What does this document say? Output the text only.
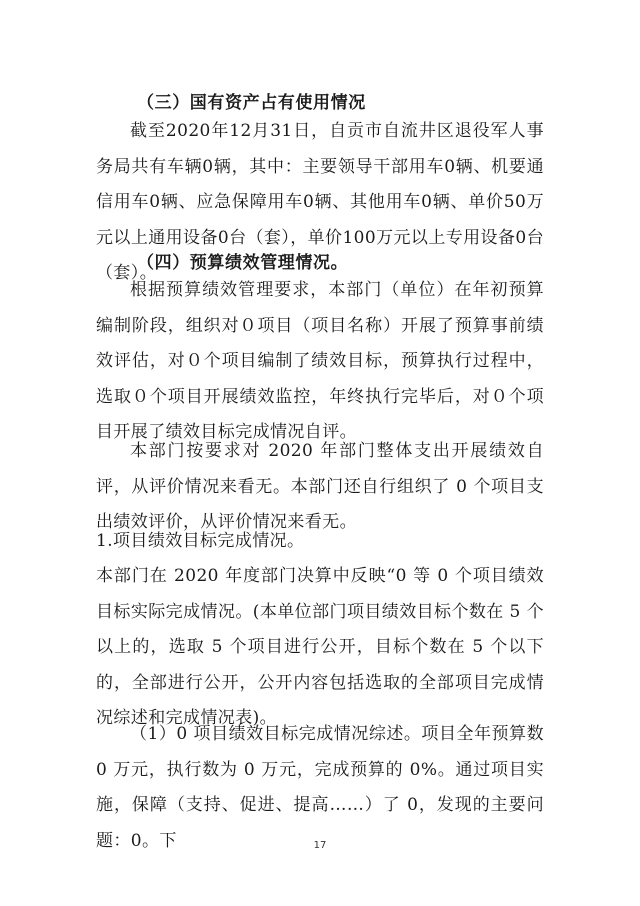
（三）国有资产占有使用情况

截至2020年12月31日，自贡市自流井区退役军人事务局共有车辆0辆，其中：主要领导干部用车0辆、机要通信用车0辆、应急保障用车0辆、其他用车0辆、单价50万元以上通用设备0台（套），单价100万元以上专用设备0台（套）。

（四）预算绩效管理情况。

根据预算绩效管理要求，本部门（单位）在年初预算编制阶段，组织对０项目（项目名称）开展了预算事前绩效评估，对０个项目编制了绩效目标，预算执行过程中，选取０个项目开展绩效监控，年终执行完毕后，对０个项目开展了绩效目标完成情况自评。

本部门按要求对 2020 年部门整体支出开展绩效自评，从评价情况来看无。本部门还自行组织了 0 个项目支出绩效评价，从评价情况来看无。

1.项目绩效目标完成情况。

本部门在 2020 年度部门决算中反映“0 等 0 个项目绩效目标实际完成情况。(本单位部门项目绩效目标个数在 5 个以上的，选取 5 个项目进行公开，目标个数在 5 个以下的，全部进行公开，公开内容包括选取的全部项目完成情况综述和完成情况表)。

（1）0 项目绩效目标完成情况综述。项目全年预算数 0 万元，执行数为 0 万元，完成预算的 0%。通过项目实施，保障（支持、促进、提高……）了 0，发现的主要问题：0。下	17
